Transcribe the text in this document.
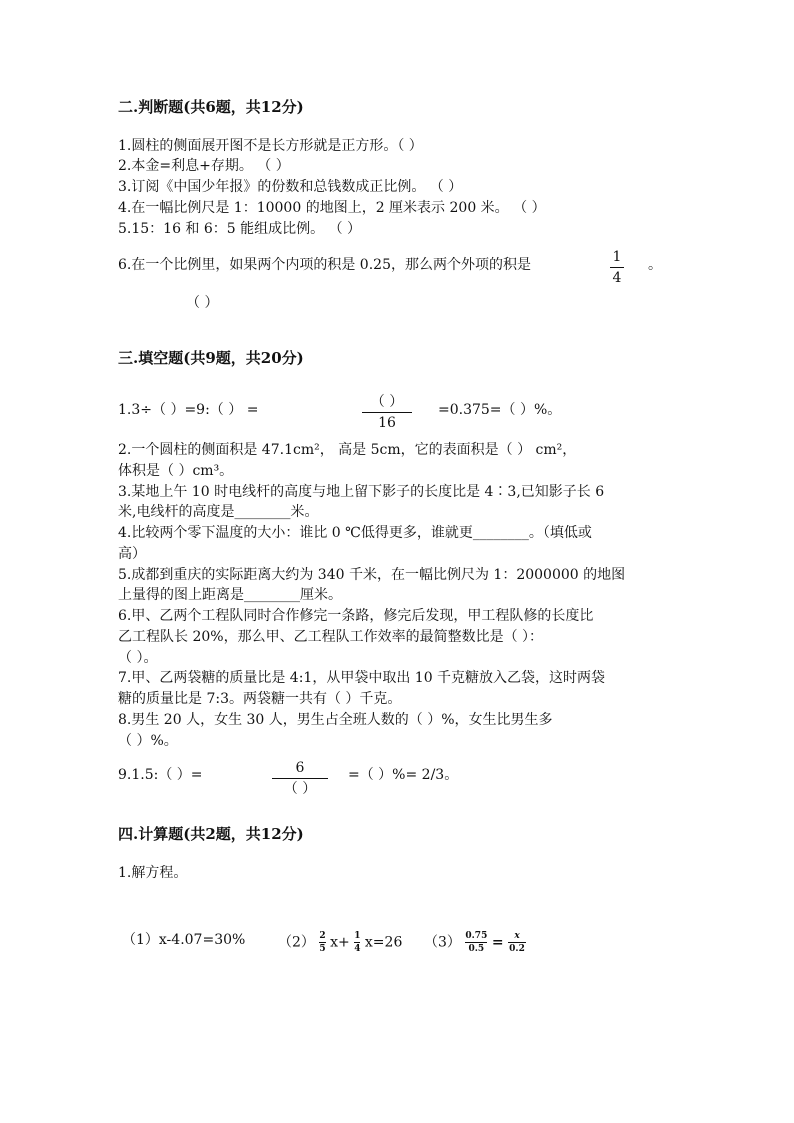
二.判断题(共6题，共12分)
1.圆柱的侧面展开图不是长方形就是正方形。（ ）
2.本金=利息+存期。 （ ）
3.订阅《中国少年报》的份数和总钱数成正比例。 （ ）
4.在一幅比例尺是 1：10000 的地图上，2 厘米表示 200 米。 （ ）
5.15：16 和 6：5 能组成比例。 （ ）
6.在一个比例里，如果两个内项的积是 0.25，那么两个外项的积是	1
4
。
（ ）
三.填空题(共9题，共20分)
1.3÷（ ）=9:（ ） =	（ ）
16
=0.375=（ ）%。
2.一个圆柱的侧面积是 47.1cm²， 高是 5cm，它的表面积是（ ） cm²，
体积是（ ）cm³。
3.某地上午 10 时电线杆的高度与地上留下影子的长度比是 4∶3,已知影子长 6
米,电线杆的高度是________米。
4.比较两个零下温度的大小：谁比 0 ℃低得更多，谁就更________。（填低或
高）
5.成都到重庆的实际距离大约为 340 千米，在一幅比例尺为 1：2000000 的地图
上量得的图上距离是________厘米。
6.甲、乙两个工程队同时合作修完一条路，修完后发现，甲工程队修的长度比
乙工程队长 20%，那么甲、乙工程队工作效率的最简整数比是（ ）：
（ ）。
7.甲、乙两袋糖的质量比是 4:1，从甲袋中取出 10 千克糖放入乙袋，这时两袋
糖的质量比是 7:3。两袋糖一共有（ ）千克。
8.男生 20 人，女生 30 人，男生占全班人数的（ ）%，女生比男生多
（ ）%。
9.1.5:（ ）=	6
（ ）
=（ ）%= 2/3。
四.计算题(共2题，共12分)
1.解方程。
（1）x-4.07=30% $(2) \frac{2}{5} x+ \frac{1}{4} x=26$ $(3) \frac{0.75}{0.5} = \frac{x}{0.2}$
